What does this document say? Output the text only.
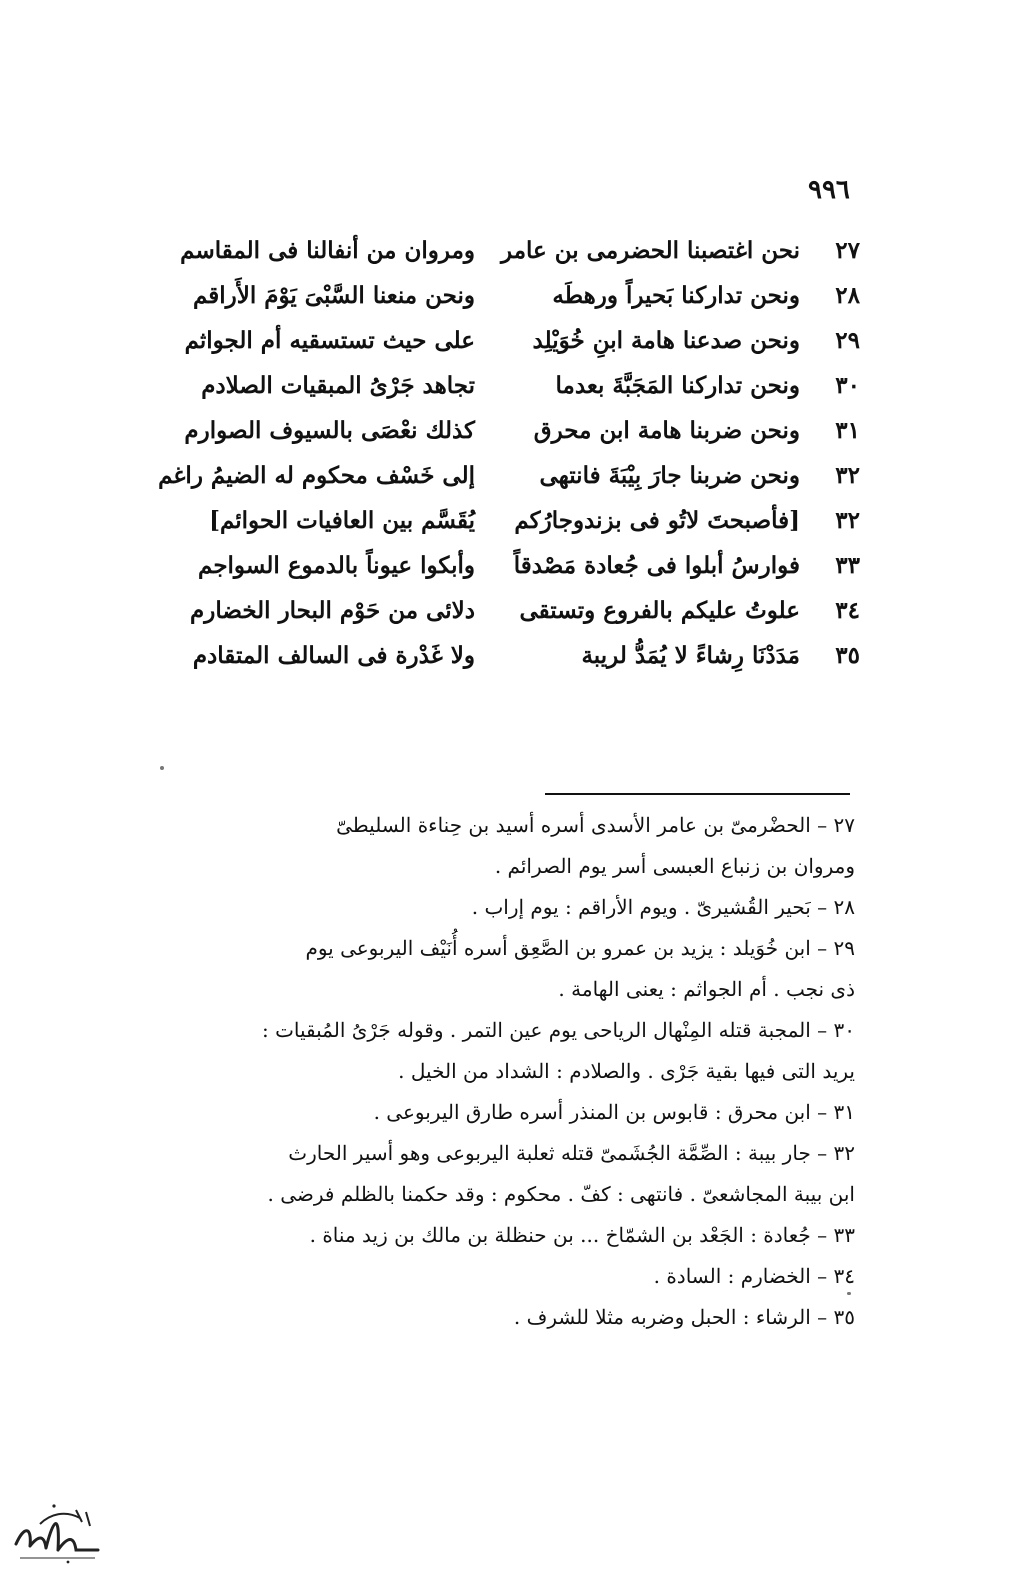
٩٩٦
٢٧
نحن اغتصبنا الحضرمى بن عامر
ومروان من أنفالنا فى المقاسم
٢٨
ونحن تداركنا بَحيراً ورهطَه
ونحن منعنا السَّبْىَ يَوْمَ الأَراقم
٢٩
ونحن صدعنا هامة ابنِ خُوَيْلِد
على حيث تستسقيه أم الجواثم
٣٠
ونحن تداركنا المَجَبَّةَ بعدما
تجاهد جَرْىُ المبقيات الصلادم
٣١
ونحن ضربنا هامة ابن محرق
كذلك نعْصَى بالسيوف الصوارم
٣٢
ونحن ضربنا جارَ بِيْبَةَ فانتهى
إلى خَسْف محكوم له الضيمُ راغم
٣٢
[فأصبحتَ لاتُو فى بزندوجارُكم
يُقَسَّم بين العافيات الحوائم]
٣٣
فوارسُ أبلوا فى جُعادة مَصْدقاً
وأبكوا عيوناً بالدموع السواجم
٣٤
علوتُ عليكم بالفروع وتستقى
دلائى من حَوْم البحار الخضارم
٣٥
مَدَدْنَا رِشاءً لا يُمَدُّ لريبة
ولا غَدْرة فى السالف المتقادم

٢٧ – الحضْرمىّ بن عامر الأسدى أسره أسيد بن حِناءة السليطىّ

ومروان بن زنباع العبسى أسر يوم الصرائم .

٢٨ – بَحير القُشيرىّ . ويوم الأراقم : يوم إراب .

٢٩ – ابن خُوَيلد : يزيد بن عمرو بن الصَّعِق أسره أُنَيْف اليربوعى يوم

ذى نجب . أم الجواثم : يعنى الهامة .

٣٠ – المجبة قتله المِنْهال الرياحى يوم عين التمر . وقوله جَرْىُ المُبقيات :

يريد التى فيها بقية جَرْى . والصلادم : الشداد من الخيل .

٣١ – ابن محرق : قابوس بن المنذر أسره طارق اليربوعى .

٣٢ – جار بيبة : الصِّمَّة الجُشَمىّ قتله ثعلبة اليربوعى وهو أسير الحارث

ابن بيبة المجاشعىّ . فانتهى : كفّ . محكوم : وقد حكمنا بالظلم فرضى .

٣٣ – جُعادة : الجَعْد بن الشمّاخ ... بن حنظلة بن مالك بن زيد مناة .

٣٤ – الخضارم : السادة .

٣٥ – الرشاء : الحبل وضربه مثلا للشرف .
